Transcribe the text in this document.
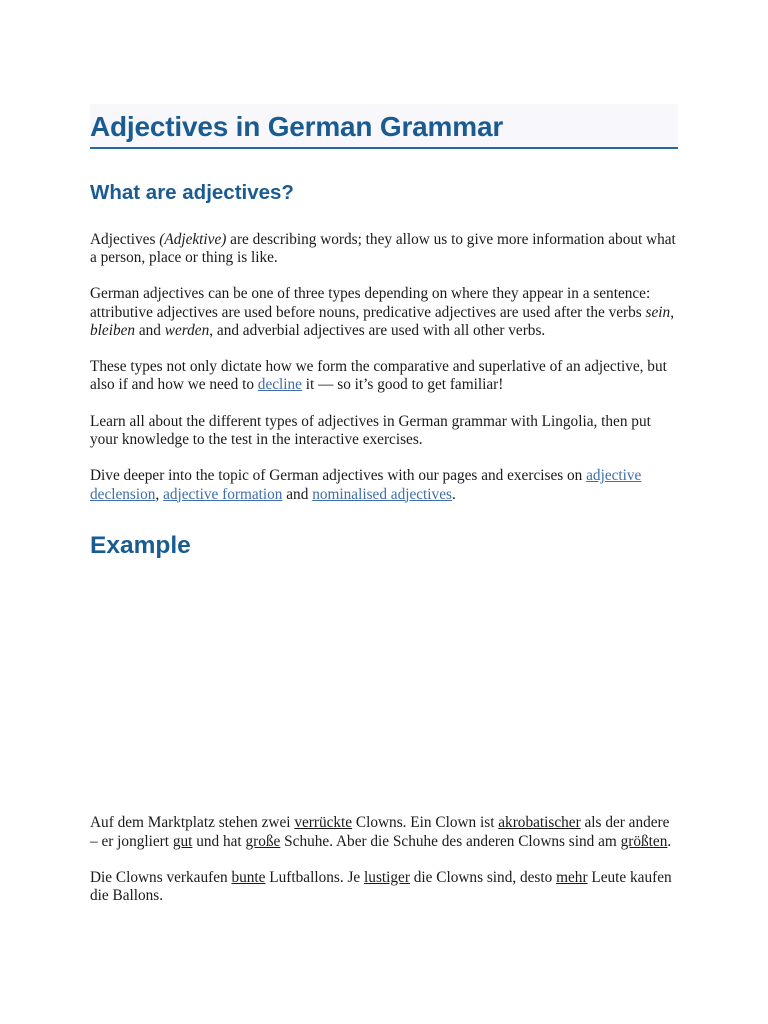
Adjectives in German Grammar
What are adjectives?

Adjectives (Adjektive) are describing words; they allow us to give more information about what a person, place or thing is like.

German adjectives can be one of three types depending on where they appear in a sentence: attributive adjectives are used before nouns, predicative adjectives are used after the verbs sein, bleiben and werden, and adverbial adjectives are used with all other verbs.

These types not only dictate how we form the comparative and superlative of an adjective, but also if and how we need to decline it — so it’s good to get familiar!

Learn all about the different types of adjectives in German grammar with Lingolia, then put your knowledge to the test in the interactive exercises.

Dive deeper into the topic of German adjectives with our pages and exercises on adjective declension, adjective formation and nominalised adjectives.

Example

Auf dem Marktplatz stehen zwei verrückte Clowns. Ein Clown ist akrobatischer als der andere – er jongliert gut und hat große Schuhe. Aber die Schuhe des anderen Clowns sind am größten.

Die Clowns verkaufen bunte Luftballons. Je lustiger die Clowns sind, desto mehr Leute kaufen die Ballons.
